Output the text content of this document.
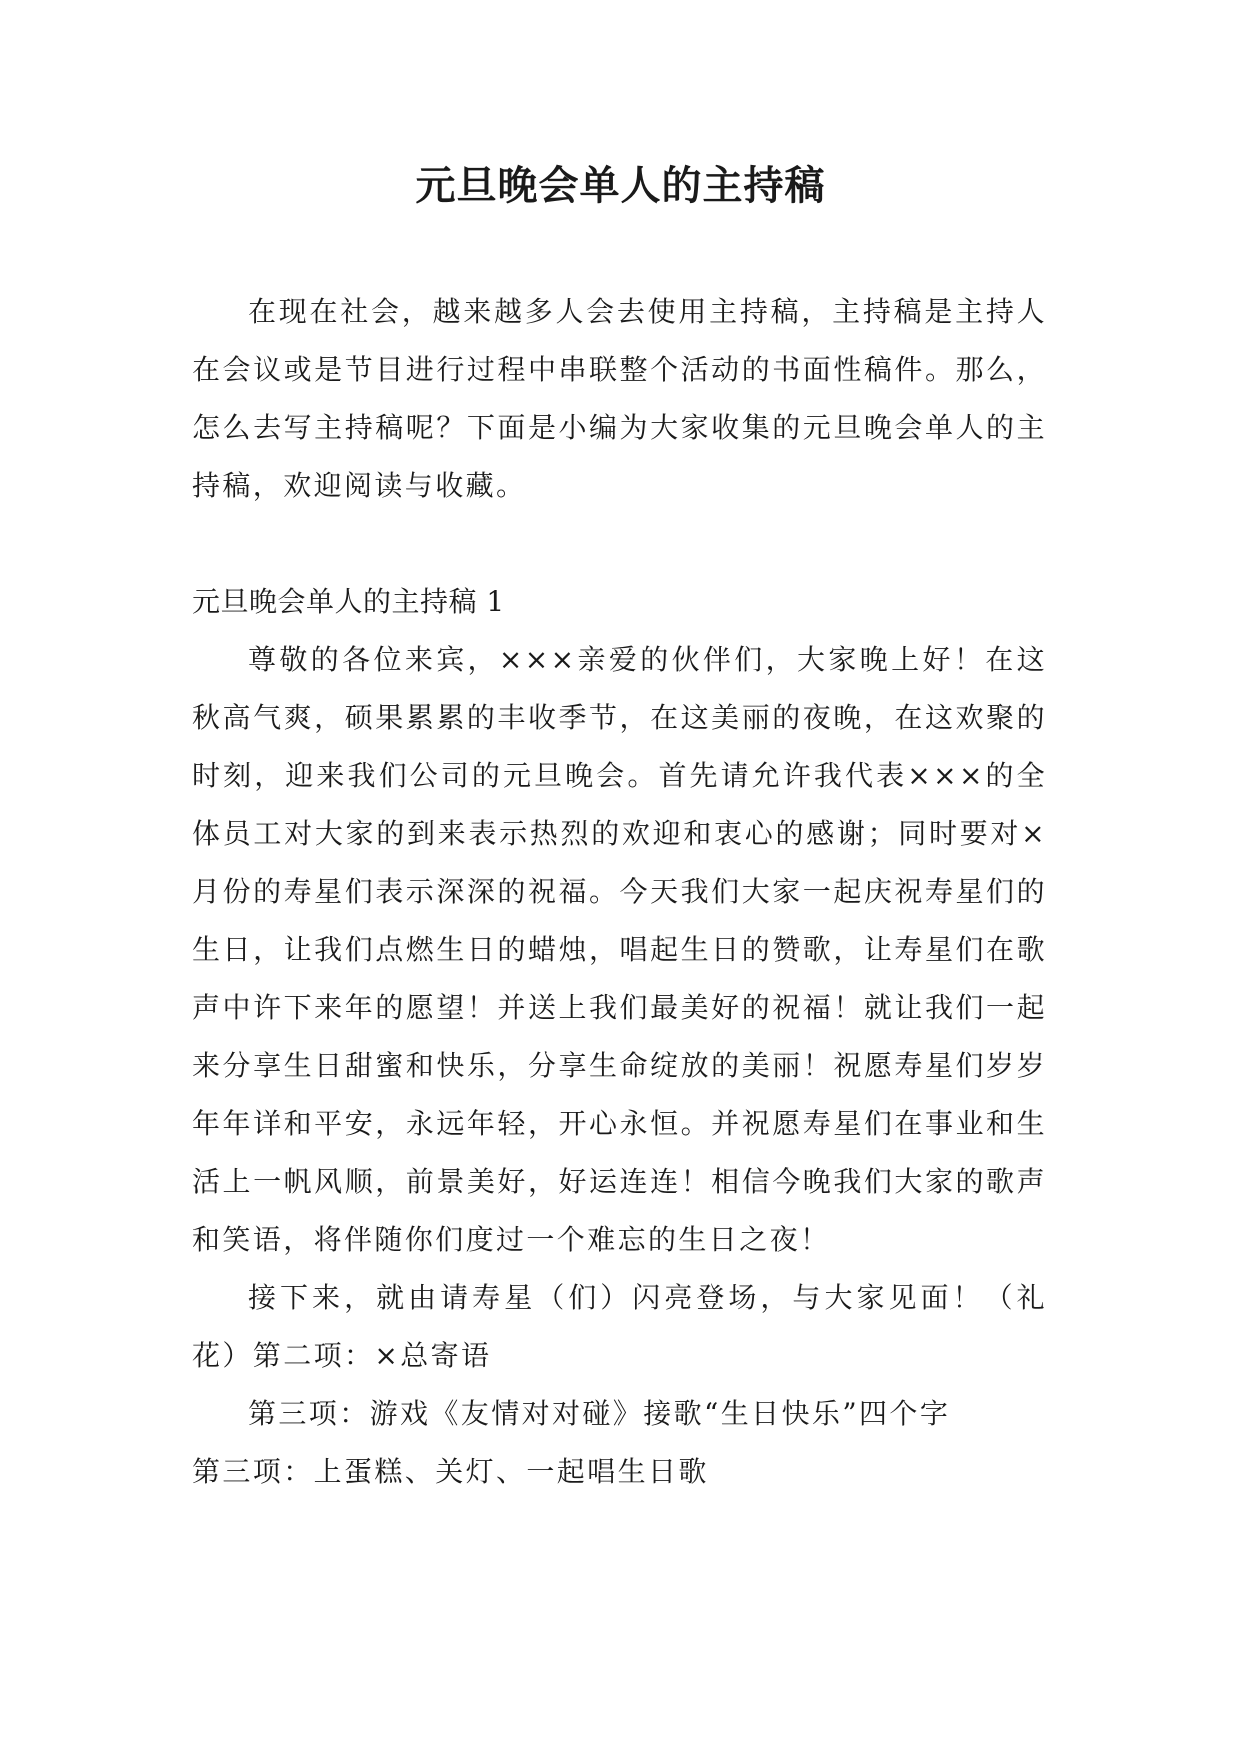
元旦晚会单人的主持稿

在现在社会，越来越多人会去使用主持稿，主持稿是主持人在会议或是节目进行过程中串联整个活动的书面性稿件。那么，怎么去写主持稿呢？下面是小编为大家收集的元旦晚会单人的主持稿，欢迎阅读与收藏。

元旦晚会单人的主持稿 1

尊敬的各位来宾，×××亲爱的伙伴们，大家晚上好！在这秋高气爽，硕果累累的丰收季节，在这美丽的夜晚，在这欢聚的时刻，迎来我们公司的元旦晚会。首先请允许我代表×××的全体员工对大家的到来表示热烈的欢迎和衷心的感谢；同时要对×月份的寿星们表示深深的祝福。今天我们大家一起庆祝寿星们的生日，让我们点燃生日的蜡烛，唱起生日的赞歌，让寿星们在歌声中许下来年的愿望！并送上我们最美好的祝福！就让我们一起来分享生日甜蜜和快乐，分享生命绽放的美丽！祝愿寿星们岁岁年年详和平安，永远年轻，开心永恒。并祝愿寿星们在事业和生活上一帆风顺，前景美好，好运连连！相信今晚我们大家的歌声和笑语，将伴随你们度过一个难忘的生日之夜！

接下来，就由请寿星（们）闪亮登场，与大家见面！（礼花）第二项：×总寄语

第三项：游戏《友情对对碰》接歌“生日快乐”四个字

第三项：上蛋糕、关灯、一起唱生日歌
